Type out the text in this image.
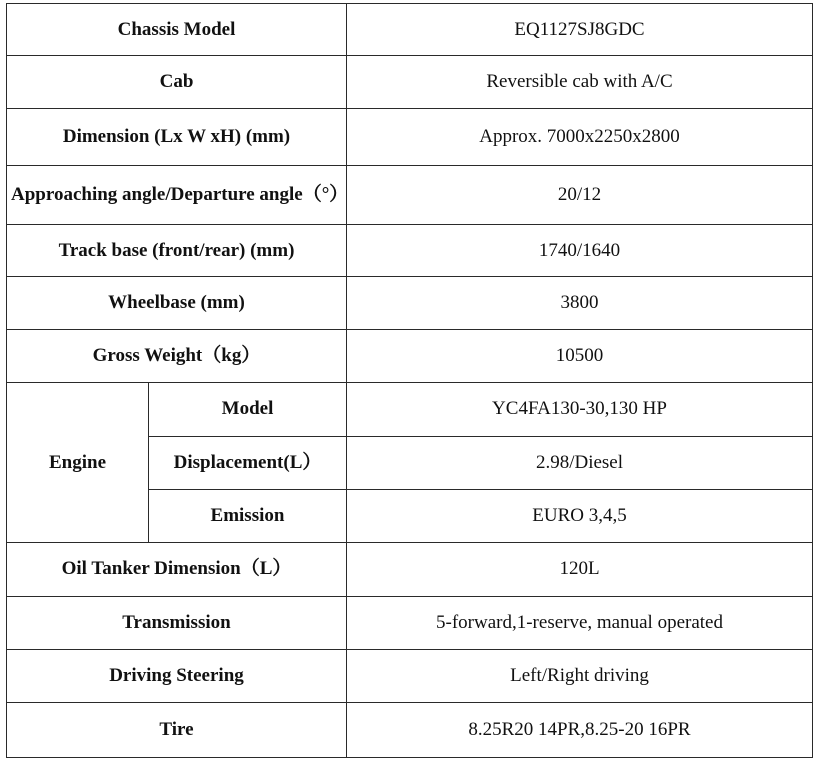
Chassis Model		EQ1127SJ8GDC
Cab		Reversible cab with A/C
Dimension (Lx W xH) (mm)		Approx. 7000x2250x2800
Approaching angle/Departure angle（°）		20/12
Track base (front/rear) (mm)		1740/1640
Wheelbase (mm)		3800
Gross Weight（kg）		10500
Engine	Model	YC4FA130-30,130 HP
	Displacement(L）	2.98/Diesel
	Emission	EURO 3,4,5
Oil Tanker Dimension（L）		120L
Transmission		5-forward,1-reserve, manual operated
Driving Steering		Left/Right driving
Tire		8.25R20 14PR,8.25-20 16PR
